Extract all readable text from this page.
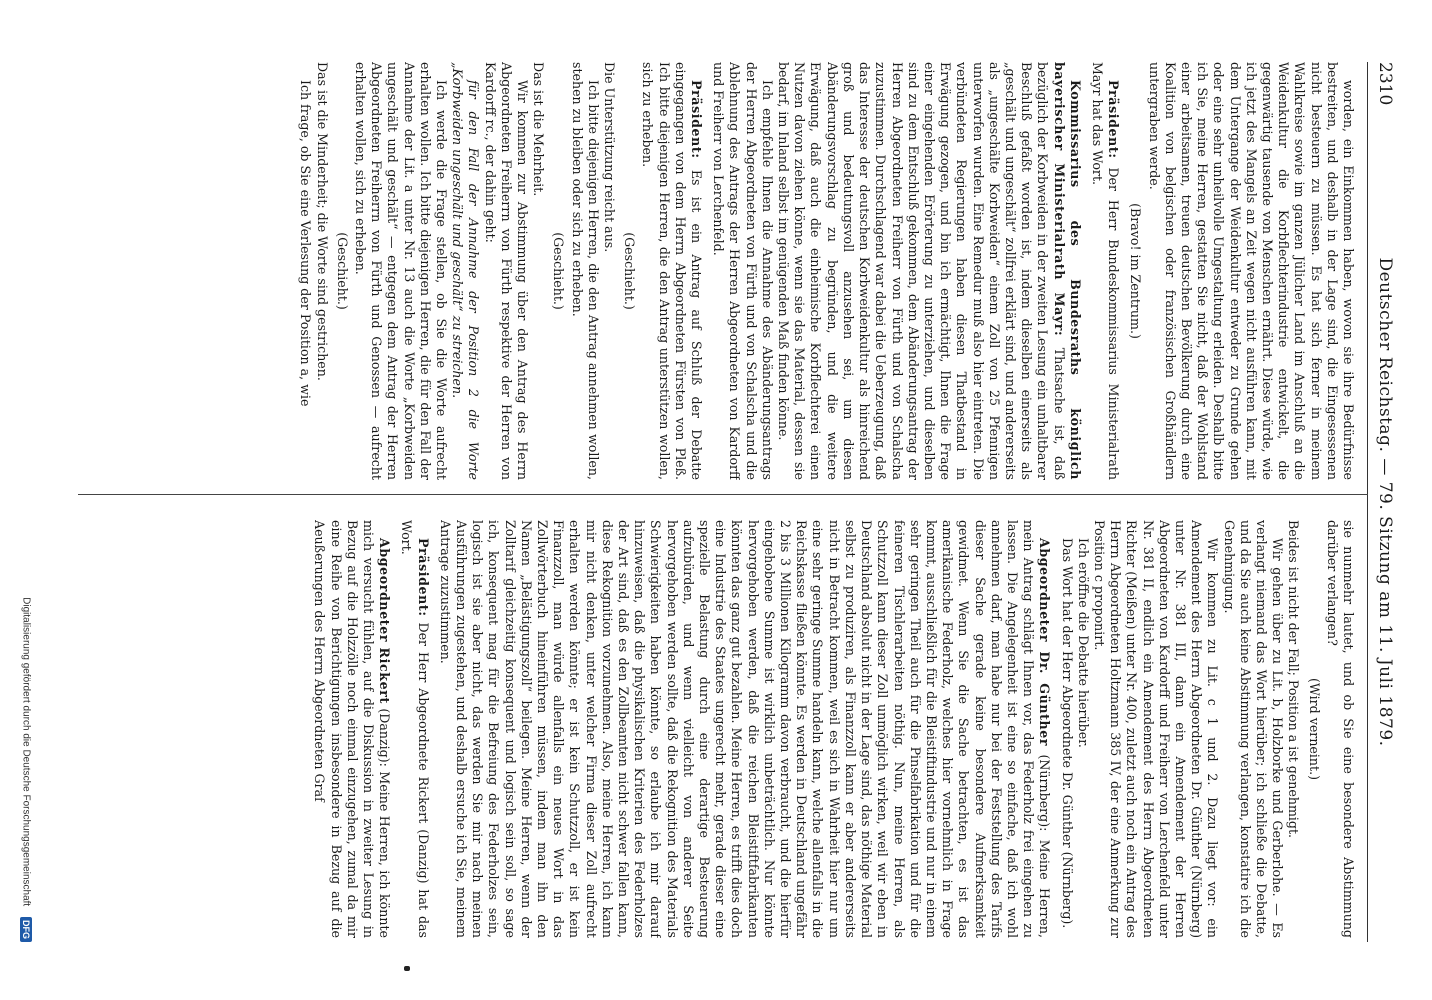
2310
Deutscher Reichstag. — 79. Sitzung am 11. Juli 1879.

worden, ein Einkommen haben, wovon sie ihre Bedürfnisse bestreiten, und deshalb in der Lage sind, die Eingesessenen nicht besteuern zu müssen. Es hat sich ferner in meinem Wahlkreise sowie im ganzen Jülicher Land im Anschluß an die Weidenkultur die Korbflechterindustrie entwickelt, die gegenwärtig tausende von Menschen ernährt. Diese würde, wie ich jetzt des Mangels an Zeit wegen nicht ausführen kann, mit dem Untergange der Weidenkultur entweder zu Grunde gehen oder eine sehr unheilvolle Umgestaltung erleiden. Deshalb bitte ich Sie, meine Herren, gestatten Sie nicht, daß der Wohlstand einer arbeitsamen, treuen deutschen Bevölkerung durch eine Koalition von belgischen oder französischen Großhändlern untergraben werde.

(Bravo! im Zentrum.)

Präsident: Der Herr Bundeskommissarius Ministerialrath Mayr hat das Wort.

Kommissarius des Bundesraths königlich bayerischer Ministerialrath Mayr: Thatsache ist, daß bezüglich der Korbweiden in der zweiten Lesung ein unhaltbarer Beschluß gefaßt worden ist, indem dieselben einerseits als „geschält und ungeschält“ zollfrei erklärt sind, und andererseits als „ungeschälte Korbweiden“ einem Zoll von 25 Pfennigen unterworfen wurden. Eine Remedur muß also hier eintreten. Die verbündeten Regierungen haben diesen Thatbestand in Erwägung gezogen, und bin ich ermächtigt, Ihnen die Frage einer eingehenden Erörterung zu unterziehen, und dieselben sind zu dem Entschluß gekommen, dem Abänderungsantrag der Herren Abgeordneten Freiherr von Fürth und von Schalscha zuzustimmen. Durchschlagend war dabei die Ueberzeugung, daß das Interesse der deutschen Korbweidenkultur als hinreichend groß und bedeutungsvoll anzusehen sei, um diesen Abänderungsvorschlag zu begründen, und die weitere Erwägung, daß auch die einheimische Korbflechterei einen Nutzen davon ziehen könne, wenn sie das Material, dessen sie bedarf, im Inland selbst im genügenden Maß finden könne.

Ich empfehle Ihnen die Annahme des Abänderungsantrags der Herren Abgeordneten von Fürth und von Schalscha und die Ablehnung des Antrags der Herren Abgeordneten von Kardorff und Freiherr von Lerchenfeld.

Präsident: Es ist ein Antrag auf Schluß der Debatte eingegangen von dem Herrn Abgeordneten Fürsten von Pleß. Ich bitte diejenigen Herren, die den Antrag unterstützen wollen, sich zu erheben.

(Geschieht.)

Die Unterstützung reicht aus.

Ich bitte diejenigen Herren, die den Antrag annehmen wollen, stehen zu bleiben oder sich zu erheben.

(Geschieht.)

Das ist die Mehrheit.

Wir kommen zur Abstimmung über den Antrag des Herrn Abgeordneten Freiherrn von Fürth respektive der Herren von Kardorff rc., der dahin geht:

für den Fall der Annahme der Position 2 die Worte „Korbweiden ungeschält und geschält“ zu streichen.

Ich werde die Frage stellen, ob Sie die Worte aufrecht erhalten wollen. Ich bitte diejenigen Herren, die für den Fall der Annahme der Lit. a unter Nr. 13 auch die Worte „Korbweiden ungeschält und geschält“ — entgegen dem Antrag der Herren Abgeordneten Freiherrn von Fürth und Genossen — aufrecht erhalten wollen, sich zu erheben.

(Geschieht.)

Das ist die Minderheit; die Worte sind gestrichen.

Ich frage, ob Sie eine Verlesung der Position a, wie

sie nunmehr lautet, und ob Sie eine besondere Abstimmung darüber verlangen?

(Wird verneint.)

Beides ist nicht der Fall; Position a ist genehmigt.

Wir gehen über zu Lit. b, Holzborke und Gerberlohe. — Es verlangt niemand das Wort hierüber; ich schließe die Debatte, und da Sie auch keine Abstimmung verlangen, konstatire ich die Genehmigung.

Wir kommen zu Lit. c 1 und 2. Dazu liegt vor: ein Amendement des Herrn Abgeordneten Dr. Günther (Nürnberg) unter Nr. 381 III, dann ein Amendement der Herren Abgeordneten von Kardorff und Freiherr von Lerchenfeld unter Nr. 381 II, endlich ein Amendement des Herrn Abgeordneten Richter (Meißen) unter Nr. 400, zuletzt auch noch ein Antrag des Herrn Abgeordneten Holtzmann 385 IV, der eine Anmerkung zur Position c proponirt.

Ich eröffne die Debatte hierüber.

Das Wort hat der Herr Abgeordnete Dr. Günther (Nürnberg).

Abgeordneter Dr. Günther (Nürnberg): Meine Herren, mein Antrag schlägt Ihnen vor, das Federholz frei eingehen zu lassen. Die Angelegenheit ist eine so einfache, daß ich wohl annehmen darf, man habe nur bei der Feststellung des Tarifs dieser Sache gerade keine besondere Aufmerksamkeit gewidmet. Wenn Sie die Sache betrachten, es ist das amerikanische Federholz, welches hier vornehmlich in Frage kommt, ausschließlich für die Bleistiftindustrie und nur in einem sehr geringen Theil auch für die Pinselfabrikation und für die feineren Tischlerarbeiten nöthig. Nun, meine Herren, als Schutzzoll kann dieser Zoll unmöglich wirken, weil wir eben in Deutschland absolut nicht in der Lage sind, das nöthige Material selbst zu produziren, als Finanzzoll kann er aber andererseits nicht in Betracht kommen, weil es sich in Wahrheit hier nur um eine sehr geringe Summe handeln kann, welche allenfalls in die Reichskasse fließen könnte. Es werden in Deutschland ungefähr 2 bis 3 Millionen Kilogramm davon verbraucht, und die hierfür eingehobene Summe ist wirklich unbeträchtlich. Nur könnte hervorgehoben werden, daß die reichen Bleistiftfabrikanten könnten das ganz gut bezahlen. Meine Herren, es trifft dies doch eine Industrie des Staates ungerecht mehr, gerade dieser eine spezielle Belastung durch eine derartige Besteuerung aufzubürden, und wenn vielleicht von anderer Seite hervorgehoben werden sollte, daß die Rekognition des Materials Schwierigkeiten haben könnte, so erlaube ich mir darauf hinzuweisen, daß die physikalischen Kriterien des Federholzes der Art sind, daß es den Zollbeamten nicht schwer fallen kann, diese Rekognition vorzunehmen. Also, meine Herren, ich kann mir nicht denken, unter welcher Firma dieser Zoll aufrecht erhalten werden könnte; er ist kein Schutzzoll, er ist kein Finanzzoll, man würde allenfalls ein neues Wort in das Zollwörterbuch hineinführen müssen, indem man ihn den Namen „Belästigungszoll“ beilegen. Meine Herren, wenn der Zolltarif gleichzeitig konsequent und logisch sein soll, so sage ich, konsequent mag für die Befreiung des Federholzes sein, logisch ist sie aber nicht, das werden Sie mir nach meinen Ausführungen zugestehen, und deshalb ersuche ich Sie, meinem Antrage zuzustimmen.

Präsident: Der Herr Abgeordnete Rickert (Danzig) hat das Wort.

Abgeordneter Rickert (Danzig): Meine Herren, ich könnte mich versucht fühlen, auf die Diskussion in zweiter Lesung in Bezug auf die Holzzölle noch einmal einzugehen, zumal da mir eine Reihe von Berichtigungen insbesondere in Bezug auf die Aeußerungen des Herrn Abgeordneten Graf

Digitalisierung gefördert durch die Deutsche Forschungsgemeinschaft DFG
